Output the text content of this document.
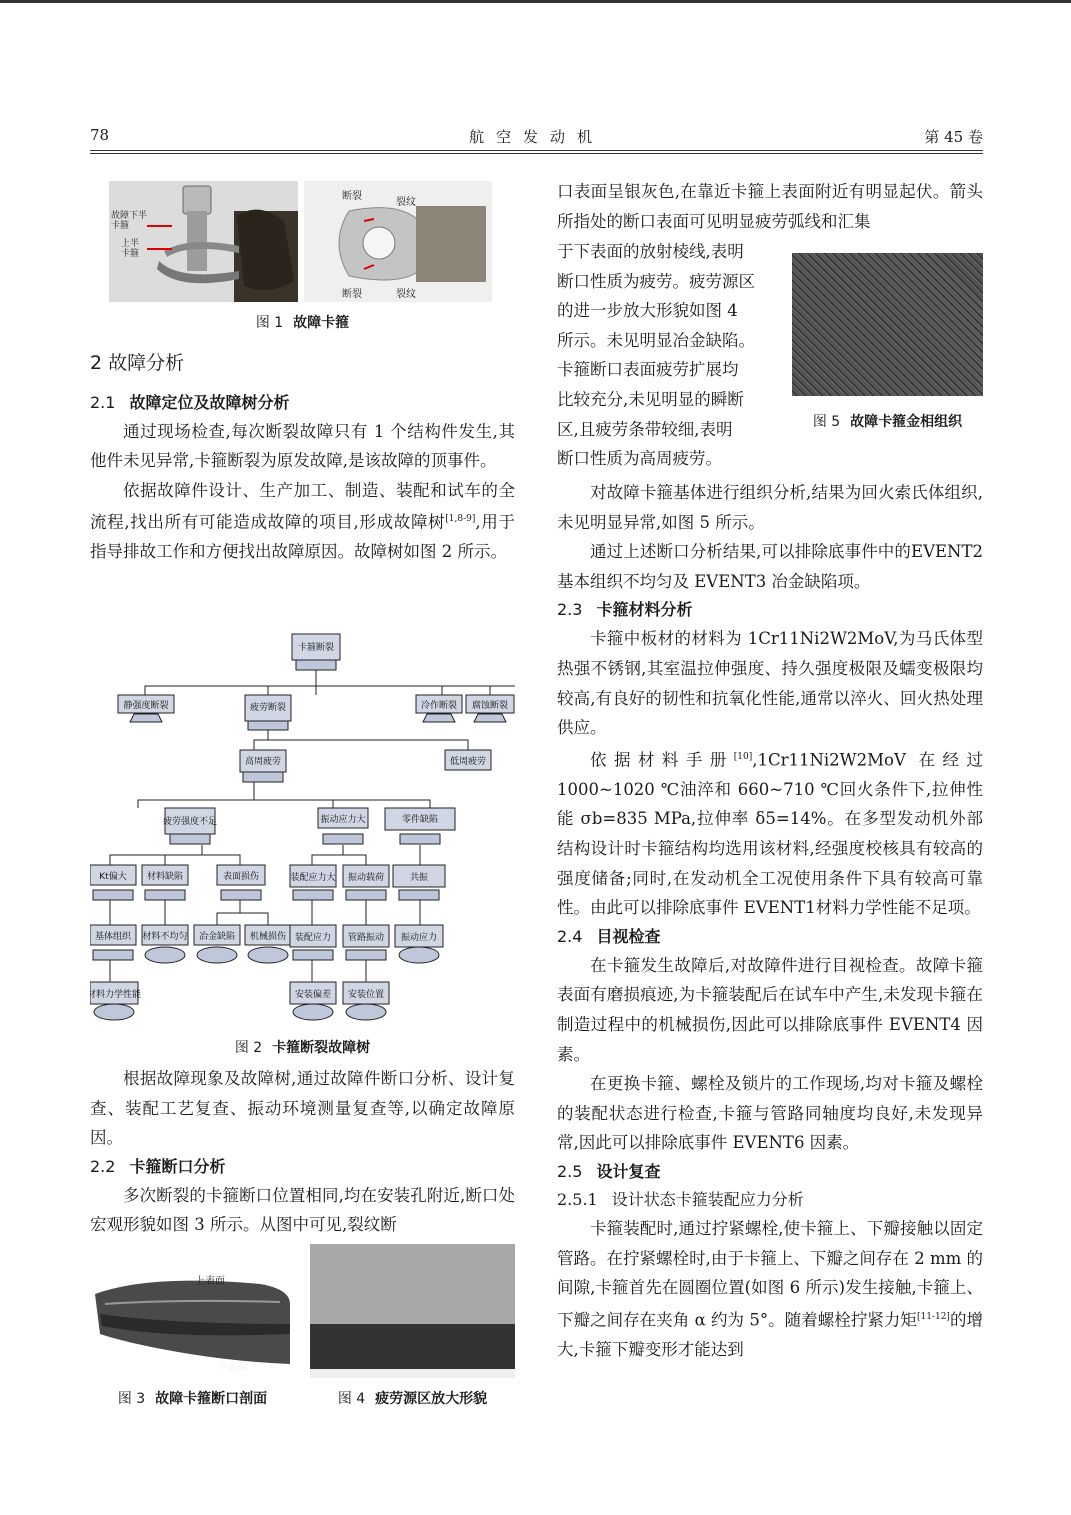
78	航空发动机	第 45 卷
故障下半卡箍
上半卡箍
断裂
裂纹
断裂	裂纹
图 1 故障卡箍
2 故障分析
2.1 故障定位及故障树分析

通过现场检查,每次断裂故障只有 1 个结构件发生,其他件未见异常,卡箍断裂为原发故障,是该故障的顶事件。

依据故障件设计、生产加工、制造、装配和试车的全流程,找出所有可能造成故障的项目,形成故障树[1,8-9],用于指导排故工作和方便找出故障原因。故障树如图 2 所示。

卡箍断裂
静强度断裂	疲劳断裂	冷作断裂 腐蚀断裂
高周疲劳	低周疲劳
疲劳强度不足	振动应力大	零件缺陷
Kt偏大 材料缺陷	表面损伤	装配应力大 振动载荷	共振
基体组织 材料不均匀 冶金缺陷 机械损伤 装配应力 管路振动 振动应力
材料力学性能	安装偏差 安装位置
图 2 卡箍断裂故障树

根据故障现象及故障树,通过故障件断口分析、设计复查、装配工艺复查、振动环境测量复查等,以确定故障原因。

2.2 卡箍断口分析

多次断裂的卡箍断口位置相同,均在安装孔附近,断口处宏观形貌如图 3 所示。从图中可见,裂纹断

上表面
下表面
图 3 故障卡箍断口剖面	图 4 疲劳源区放大形貌

口表面呈银灰色,在靠近卡箍上表面附近有明显起伏。箭头所指处的断口表面可见明显疲劳弧线和汇集

于下表面的放射棱线,表明
断口性质为疲劳。疲劳源区
的进一步放大形貌如图 4
所示。未见明显冶金缺陷。
卡箍断口表面疲劳扩展均
比较充分,未见明显的瞬断
区,且疲劳条带较细,表明
断口性质为高周疲劳。
图 5 故障卡箍金相组织

对故障卡箍基体进行组织分析,结果为回火索氏体组织,未见明显异常,如图 5 所示。

通过上述断口分析结果,可以排除底事件中的EVENT2 基本组织不均匀及 EVENT3 冶金缺陷项。

2.3 卡箍材料分析

卡箍中板材的材料为 1Cr11Ni2W2MoV,为马氏体型热强不锈钢,其室温拉伸强度、持久强度极限及蠕变极限均较高,有良好的韧性和抗氧化性能,通常以淬火、回火热处理供应。

依据材料手册[10],1Cr11Ni2W2MoV 在经过 1000~1020 ℃油淬和 660~710 ℃回火条件下,拉伸性能 σb=835 MPa,拉伸率 δ5=14%。在多型发动机外部结构设计时卡箍结构均选用该材料,经强度校核具有较高的强度储备;同时,在发动机全工况使用条件下具有较高可靠性。由此可以排除底事件 EVENT1材料力学性能不足项。

2.4 目视检查

在卡箍发生故障后,对故障件进行目视检查。故障卡箍表面有磨损痕迹,为卡箍装配后在试车中产生,未发现卡箍在制造过程中的机械损伤,因此可以排除底事件 EVENT4 因素。

在更换卡箍、螺栓及锁片的工作现场,均对卡箍及螺栓的装配状态进行检查,卡箍与管路同轴度均良好,未发现异常,因此可以排除底事件 EVENT6 因素。

2.5 设计复查
2.5.1 设计状态卡箍装配应力分析

卡箍装配时,通过拧紧螺栓,使卡箍上、下瓣接触以固定管路。在拧紧螺栓时,由于卡箍上、下瓣之间存在 2 mm 的间隙,卡箍首先在圆圈位置(如图 6 所示)发生接触,卡箍上、下瓣之间存在夹角 α 约为 5°。随着螺栓拧紧力矩[11-12]的增大,卡箍下瓣变形才能达到
